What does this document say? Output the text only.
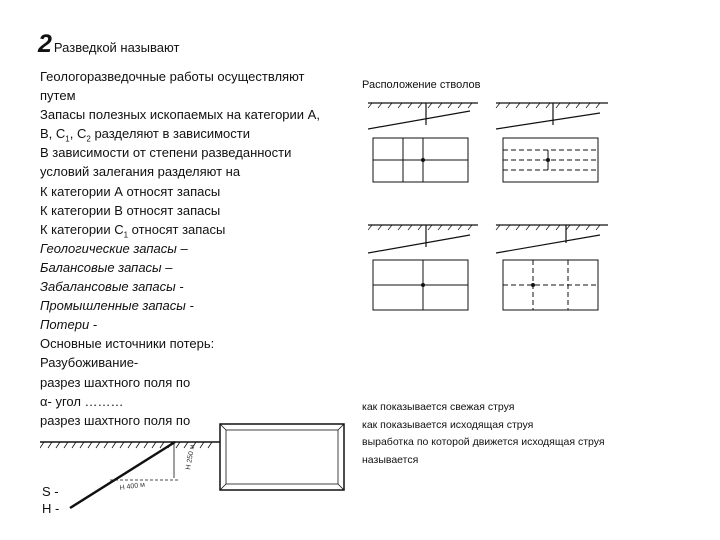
2 Разведкой называют
Геологоразведочные работы осуществляют
путем
Запасы полезных ископаемых на категории А,
В, $С_1$, $С_2$ разделяют в зависимости
В зависимости от степени разведанности
условий залегания разделяют на
К категории А относят запасы
К категории В относят запасы
К категории $С_1$ относят запасы
Геологические запасы –
Балансовые запасы –
Забалансовые запасы -
Промышленные запасы -
Потери -
Основные источники потерь:
Разубоживание-
разрез шахтного поля по
α- угол ………
разрез шахтного поля по
H 400 м
Н 250 м
S -
H -
Расположение стволов
как показывается свежая струя
как показывается исходящая струя
выработка по которой движется исходящая струя
называется
